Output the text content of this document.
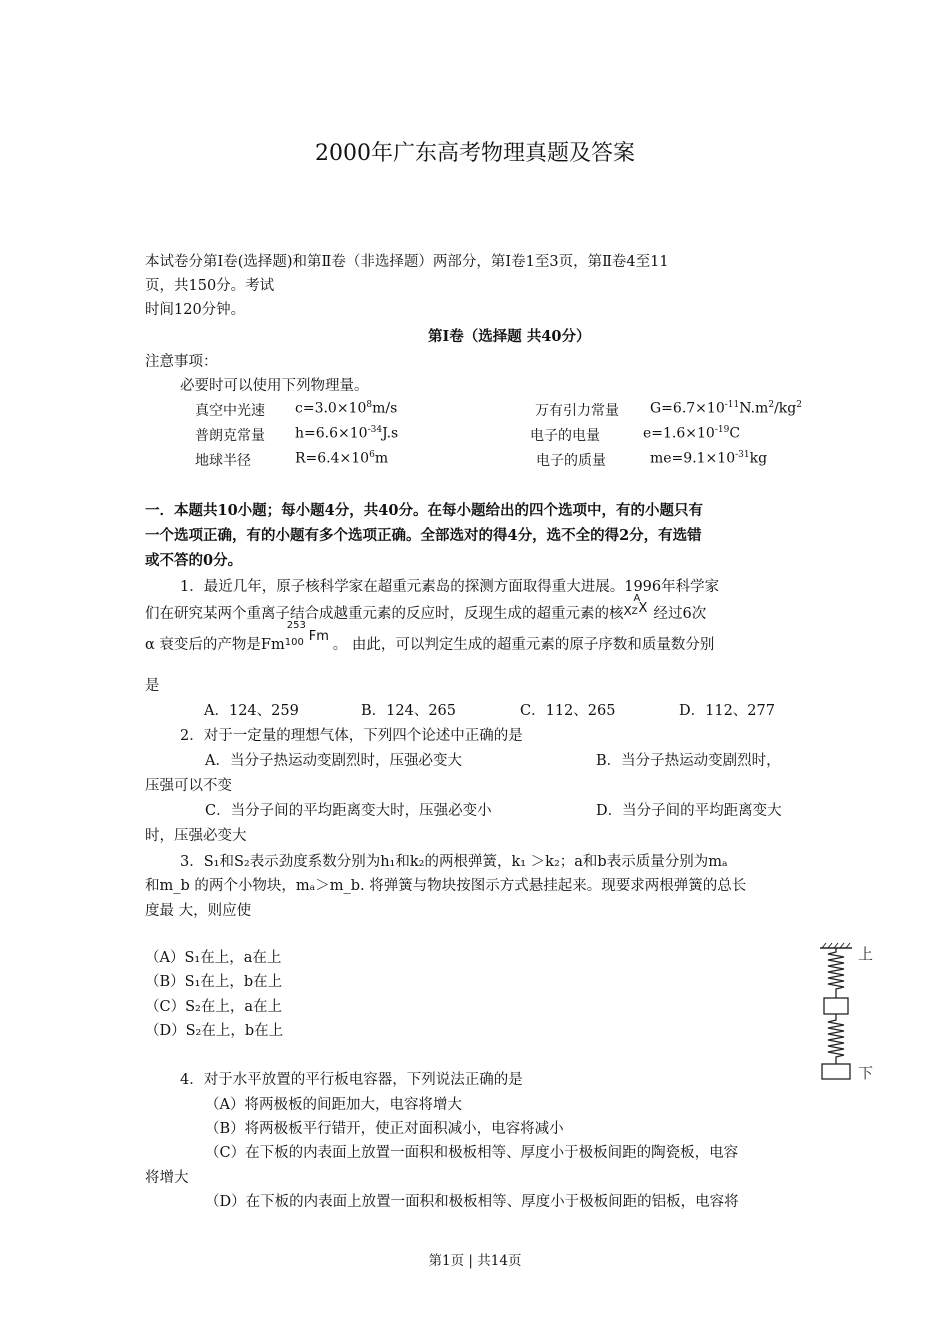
2000年广东高考物理真题及答案
本试卷分第Ⅰ卷(选择题)和第Ⅱ卷（非选择题）两部分，第Ⅰ卷1至3页，第Ⅱ卷4至11
页，共150分。考试
时间120分钟。
第Ⅰ卷（选择题 共40分）
注意事项：
必要时可以使用下列物理量。
真空中光速 $c=3.0\times 10^8m/s$	万有引力常量 $G=6.7\times 10^{-11}N.m^2/kg^2$
普朗克常量 $h=6.6\times 10^{-34}J.s$	电子的电量	$e=1.6\times 10^{-19}C$
地球半径	$R=6.4\times 10^6m$	电子的质量	$me=9.1\times 10^{-31}kg$
一．本题共10小题；每小题4分，共40分。在每小题给出的四个选项中，有的小题只有
一个选项正确，有的小题有多个选项正确。全部选对的得4分，选不全的得2分，有选错
或不答的0分。
1．最近几年，原子核科学家在超重元素岛的探测方面取得重大进展。1996年科学家
们在研究某两个重离子结合成越重元素的反应时，反现生成的超重元素的核
A
X Z X 经过6次
α 衰变后的产物是Fm
253
100 Fm
。 由此，可以判定生成的超重元素的原子序数和质量数分别
是
A．124、259	B．124、265	C．112、265	D．112、277
2．对于一定量的理想气体，下列四个论述中正确的是
A．当分子热运动变剧烈时，压强必变大	B．当分子热运动变剧烈时，
压强可以不变
C．当分子间的平均距离变大时，压强必变小	D．当分子间的平均距离变大
时，压强必变大
3．S₁和S₂表示劲度系数分别为h₁和k₂的两根弹簧，k₁ ＞k₂；a和b表示质量分别为mₐ
和m_b 的两个小物块，mₐ＞m_b. 将弹簧与物块按图示方式悬挂起来。现要求两根弹簧的总长
度最 大，则应使
（A）S₁在上，a在上
（B）S₁在上，b在上
（C）S₂在上，a在上
（D）S₂在上，b在上
上
下
4．对于水平放置的平行板电容器，下列说法正确的是
（A）将两极板的间距加大，电容将增大
（B）将两极板平行错开，使正对面积减小，电容将减小
（C）在下板的内表面上放置一面积和极板相等、厚度小于极板间距的陶瓷板，电容
将增大
（D）在下板的内表面上放置一面积和极板相等、厚度小于极板间距的铝板，电容将
第1页 | 共14页
